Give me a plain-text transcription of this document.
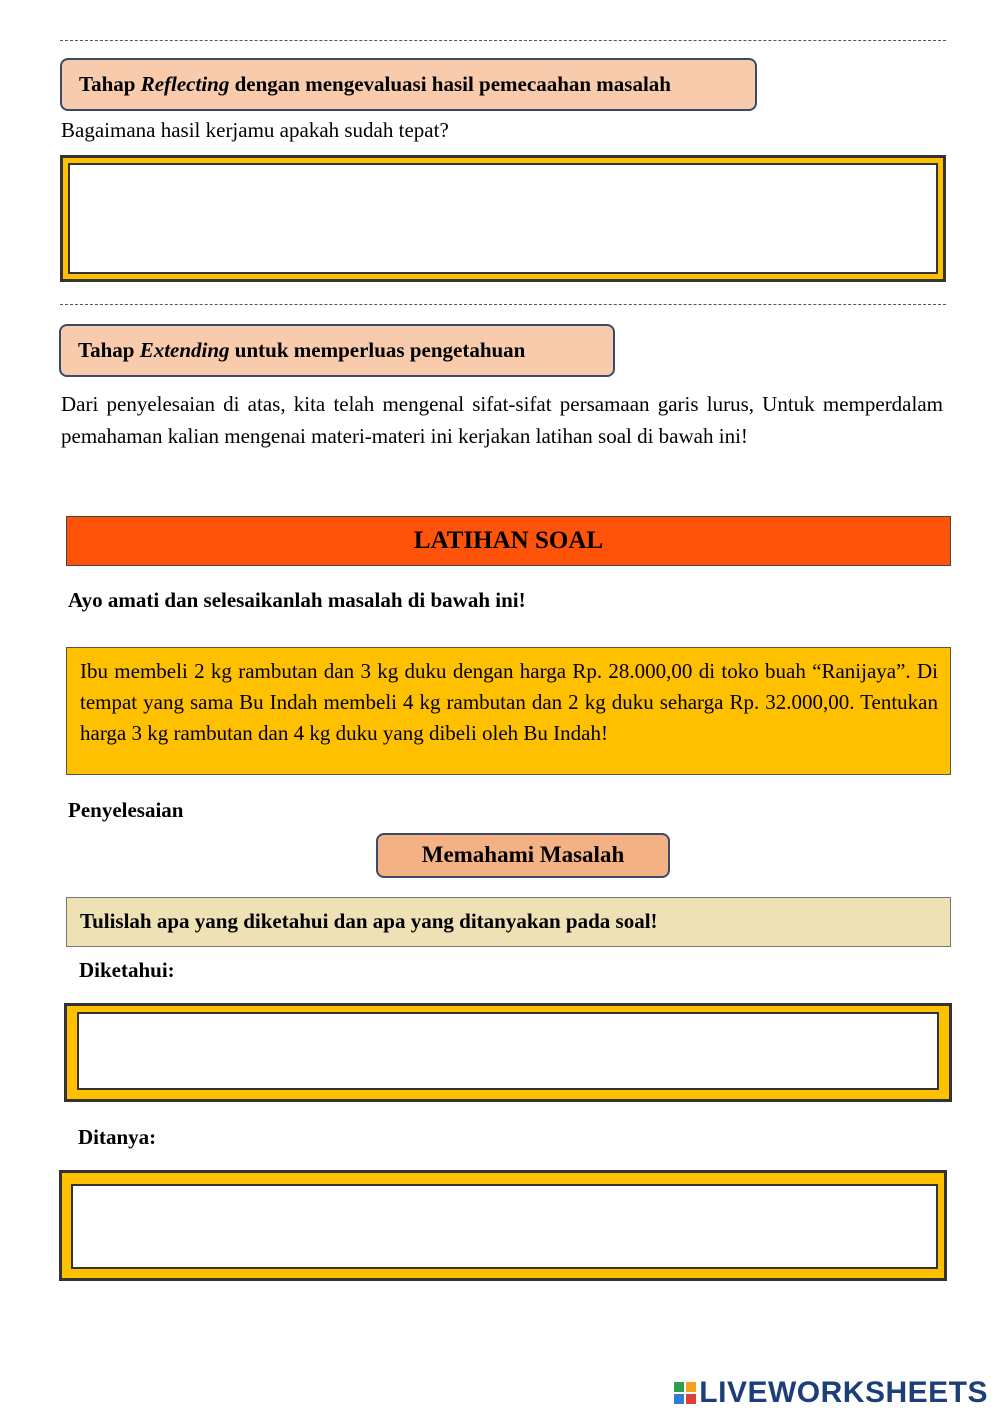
Tahap Reflecting dengan mengevaluasi hasil pemecaahan masalah
Bagaimana hasil kerjamu apakah sudah tepat?
Tahap Extending untuk memperluas pengetahuan
Dari penyelesaian di atas, kita telah mengenal sifat-sifat persamaan garis lurus, Untuk memperdalam pemahaman kalian mengenai materi-materi ini kerjakan latihan soal di bawah ini!
LATIHAN SOAL
Ayo amati dan selesaikanlah masalah di bawah ini!
Ibu membeli 2 kg rambutan dan 3 kg duku dengan harga Rp. 28.000,00 di toko buah “Ranijaya”. Di tempat yang sama Bu Indah membeli 4 kg rambutan dan 2 kg duku seharga Rp. 32.000,00. Tentukan harga 3 kg rambutan dan 4 kg duku yang dibeli oleh Bu Indah!
Penyelesaian
Memahami Masalah
Tulislah apa yang diketahui dan apa yang ditanyakan pada soal!
Diketahui:
Ditanya:
LIVEWORKSHEETS
